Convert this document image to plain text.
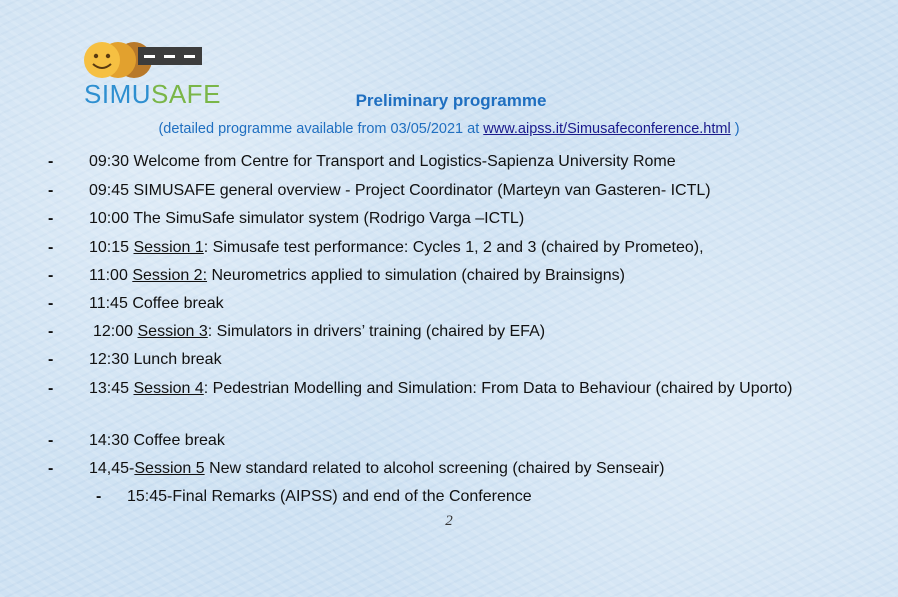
SIMUSAFE	Preliminary programme
(detailed programme available from 03/05/2021 at www.aipss.it/Simusafeconference.html )
- 09:30 Welcome from Centre for Transport and Logistics-Sapienza University Rome
- 09:45 SIMUSAFE general overview - Project Coordinator (Marteyn van Gasteren- ICTL)
- 10:00 The SimuSafe simulator system (Rodrigo Varga –ICTL)
- 10:15 Session 1: Simusafe test performance: Cycles 1, 2 and 3 (chaired by Prometeo),
- 11:00 Session 2: Neurometrics applied to simulation (chaired by Brainsigns)
- 11:45 Coffee break
- 12:00 Session 3: Simulators in drivers’ training (chaired by EFA)
- 12:30 Lunch break
- 13:45 Session 4: Pedestrian Modelling and Simulation: From Data to Behaviour (chaired by Uporto)
- 14:30 Coffee break
- 14,45-Session 5 New standard related to alcohol screening (chaired by Senseair)
- 15:45-Final Remarks (AIPSS) and end of the Conference
2
